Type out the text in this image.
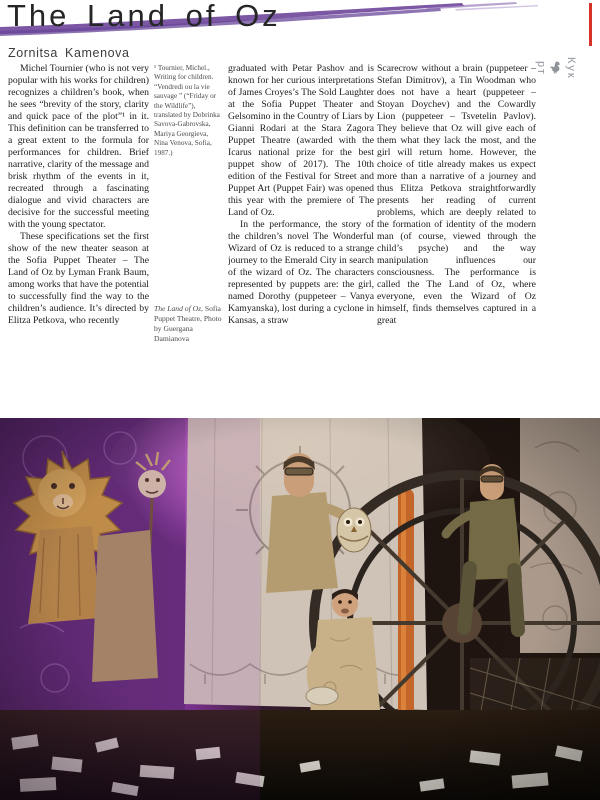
The Land of Oz
Zornitsa Kamenova
Кук
рт

Michel Tournier (who is not very popular with his works for children) recognizes a children’s book, when he sees “brevity of the story, clarity and quick pace of the plot”¹ in it. This definition can be transferred to a great extent to the formula for performances for children. Brief narrative, clarity of the message and brisk rhythm of the events in it, recreated through a fascinating dialogue and vivid characters are decisive for the successful meeting with the young spectator.

These specifications set the first show of the new theater season at the Sofia Puppet Theater – The Land of Oz by Lyman Frank Baum, among works that have the potential to successfully find the way to the children’s audience. It’s directed by Elitza Petkova, who recently

¹ Tournier, Michel., Writing for children. “Vendredi ou la vie sauvage ” (“Friday or the Wildlife”), translated by Dobrinka Savova-Gabrovska, Mariya Georgieva, Nina Venova, Sofia, 1987.)
The Land of Oz, Sofia Puppet Theatre, Photo by Guergana Damianova

graduated with Petar Pashov and is known for her curious interpretations of James Croyes’s The Sold Laughter at the Sofia Puppet Theater and Gelsomino in the Country of Liars by Gianni Rodari at the Stara Zagora Puppet Theatre (awarded with the Icarus national prize for the best puppet show of 2017). The 10th edition of the Festival for Street and Puppet Art (Puppet Fair) was opened this year with the premiere of The Land of Oz.

In the performance, the story of the children’s novel The Wonderful Wizard of Oz is reduced to a strange journey to the Emerald City in search of the wizard of Oz. The characters represented by puppets are: the girl, named Dorothy (puppeteer – Vanya Kamyanska), lost during a cyclone in Kansas, a straw

Scarecrow without a brain (puppeteer – Stefan Dimitrov), a Tin Woodman who does not have a heart (puppeteer – Stoyan Doychev) and the Cowardly Lion (puppeteer – Tsvetelin Pavlov). They believe that Oz will give each of them what they lack the most, and the girl will return home. However, the choice of title already makes us expect more than a narrative of a journey and thus Elitza Petkova straightforwardly presents her reading of current problems, which are deeply related to the formation of identity of the modern man (of course, viewed through the child’s psyche) and the way manipulation influences our consciousness. The performance is called the The Land of Oz, where everyone, even the Wizard of Oz himself, finds themselves captured in a great
